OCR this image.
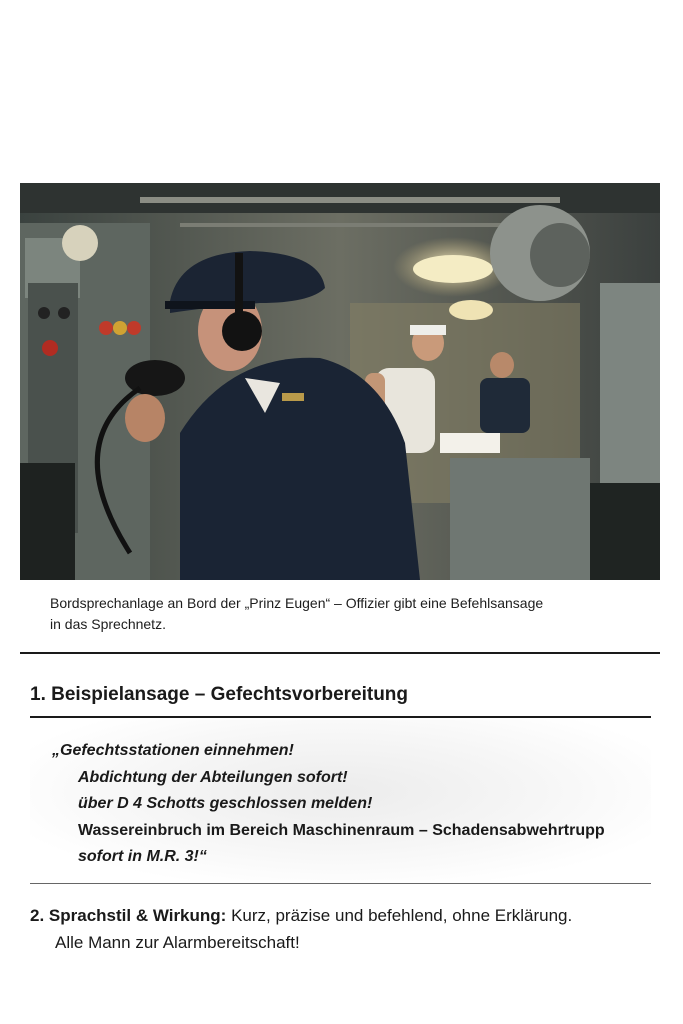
Bordsprechanlage an Bord der „Prinz Eugen“ – Offizier gibt eine Befehlsansage
in das Sprechnetz.
1. Beispielansage – Gefechtsvorbereitung
„Gefechtsstationen einnehmen!
Abdichtung der Abteilungen sofort!
über D 4 Schotts geschlossen melden!
Wassereinbruch im Bereich Maschinenraum – Schadensabwehrtrupp
sofort in M.R. 3!“
2. Sprachstil & Wirkung: Kurz, präzise und befehlend, ohne Erklärung.
Alle Mann zur Alarmbereitschaft!
